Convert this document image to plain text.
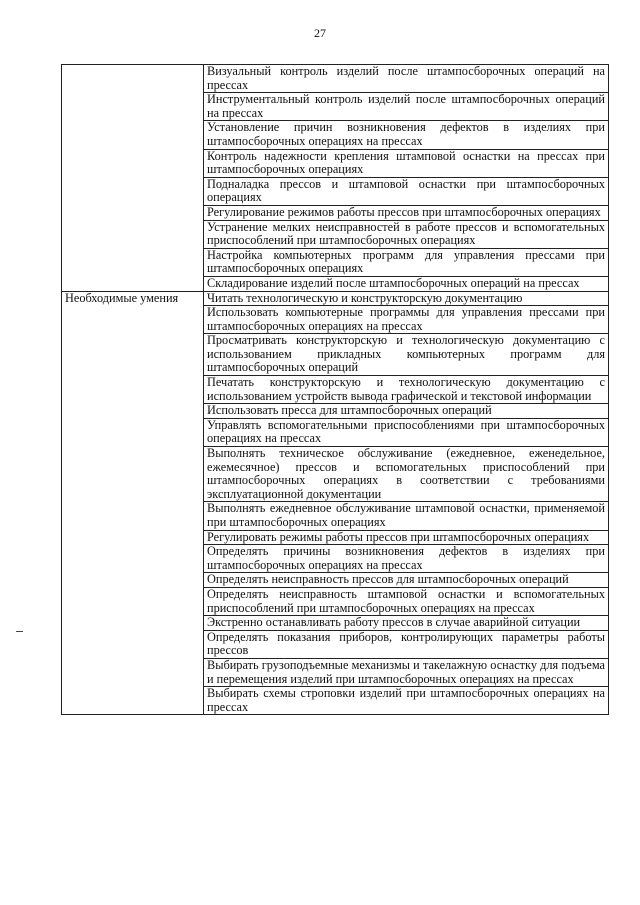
27
	Визуальный контроль изделий после штампосборочных операций на прессах
	Инструментальный контроль изделий после штампосборочных операций на прессах
	Установление причин возникновения дефектов в изделиях при штампосборочных операциях на прессах
	Контроль надежности крепления штамповой оснастки на прессах при штампосборочных операциях
	Подналадка прессов и штамповой оснастки при штампосборочных операциях
	Регулирование режимов работы прессов при штампосборочных операциях
	Устранение мелких неисправностей в работе прессов и вспомогательных приспособлений при штампосборочных операциях
	Настройка компьютерных программ для управления прессами при штампосборочных операциях
	Складирование изделий после штампосборочных операций на прессах
Необходимые умения	Читать технологическую и конструкторскую документацию
	Использовать компьютерные программы для управления прессами при штампосборочных операциях на прессах
	Просматривать конструкторскую и технологическую документацию с использованием прикладных компьютерных программ для штампосборочных операций
	Печатать конструкторскую и технологическую документацию с использованием устройств вывода графической и текстовой информации
	Использовать пресса для штампосборочных операций
	Управлять вспомогательными приспособлениями при штампосборочных операциях на прессах
	Выполнять техническое обслуживание (ежедневное, еженедельное, ежемесячное) прессов и вспомогательных приспособлений при штампосборочных операциях в соответствии с требованиями эксплуатационной документации
	Выполнять ежедневное обслуживание штамповой оснастки, применяемой при штампосборочных операциях
	Регулировать режимы работы прессов при штампосборочных операциях
	Определять причины возникновения дефектов в изделиях при штампосборочных операциях на прессах
	Определять неисправность прессов для штампосборочных операций
	Определять неисправность штамповой оснастки и вспомогательных приспособлений при штампосборочных операциях на прессах
	Экстренно останавливать работу прессов в случае аварийной ситуации
	Определять показания приборов, контролирующих параметры работы прессов
	Выбирать грузоподъемные механизмы и такелажную оснастку для подъема и перемещения изделий при штампосборочных операциях на прессах
	Выбирать схемы строповки изделий при штампосборочных операциях на прессах
